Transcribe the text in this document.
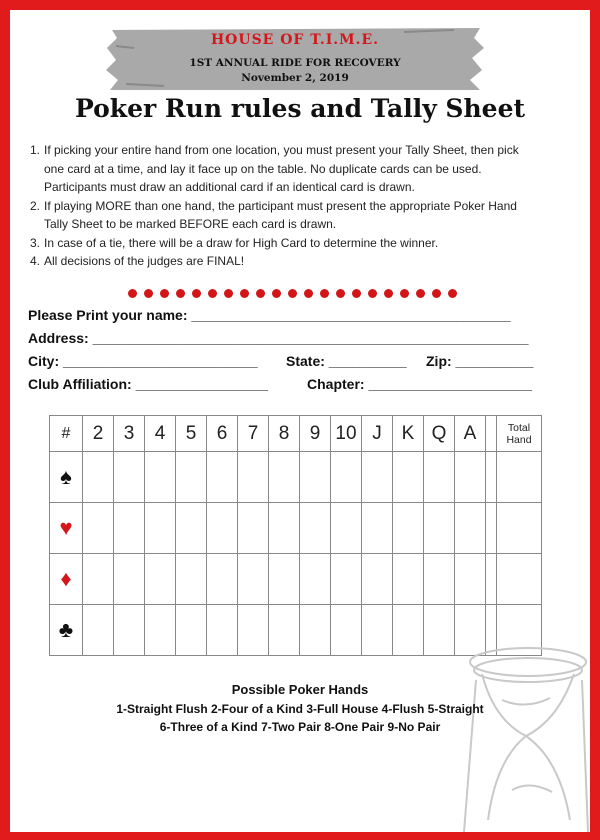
HOUSE OF T.I.M.E.
1ST ANNUAL RIDE FOR RECOVERY
November 2, 2019
Poker Run rules and Tally Sheet
1. If picking your entire hand from one location, you must present your Tally Sheet, then pick
one card at a time, and lay it face up on the table. No duplicate cards can be used.
Participants must draw an additional card if an identical card is drawn.
2. If playing MORE than one hand, the participant must present the appropriate Poker Hand
Tally Sheet to be marked BEFORE each card is drawn.
3. In case of a tie, there will be a draw for High Card to determine the winner.
4. All decisions of the judges are FINAL!
Please Print your name: _________________________________________
Address: ________________________________________________________
City: _________________________ State: __________ Zip: __________
Club Affiliation: _________________	Chapter: _____________________
#	2	3	4	5	6	7	8	9	10	J	K	Q	A		Total
Hand
♠															
♥															
♦															
♣															
Possible Poker Hands
1-Straight Flush 2-Four of a Kind 3-Full House 4-Flush 5-Straight
6-Three of a Kind 7-Two Pair 8-One Pair 9-No Pair
